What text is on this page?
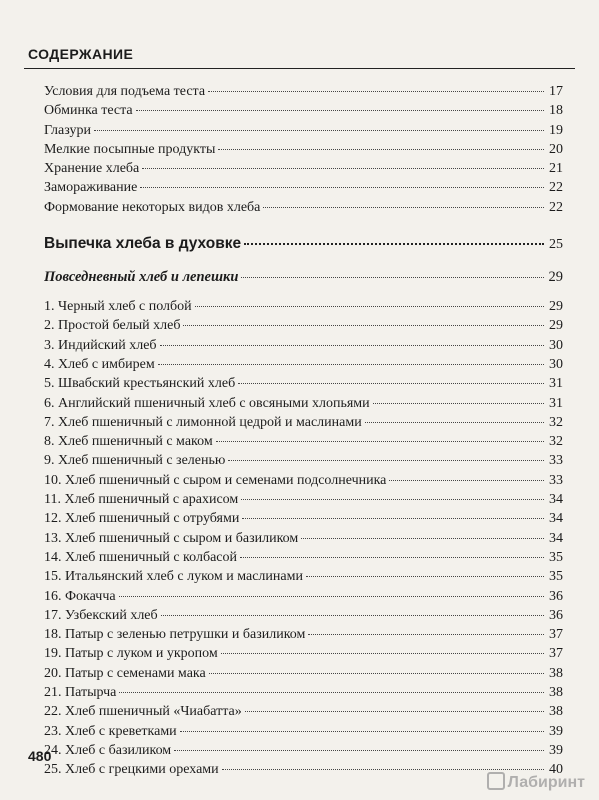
СОДЕРЖАНИЕ
Условия для подъема теста	17
Обминка теста	18
Глазури	19
Мелкие посыпные продукты	20
Хранение хлеба	21
Замораживание	22
Формование некоторых видов хлеба	22
Выпечка хлеба в духовке	25
Повседневный хлеб и лепешки	29
1. Черный хлеб с полбой	29
2. Простой белый хлеб	29
3. Индийский хлеб	30
4. Хлеб с имбирем	30
5. Швабский крестьянский хлеб	31
6. Английский пшеничный хлеб с овсяными хлопьями	31
7. Хлеб пшеничный с лимонной цедрой и маслинами	32
8. Хлеб пшеничный с маком	32
9. Хлеб пшеничный с зеленью	33
10. Хлеб пшеничный с сыром и семенами подсолнечника	33
11. Хлеб пшеничный с арахисом	34
12. Хлеб пшеничный с отрубями	34
13. Хлеб пшеничный с сыром и базиликом	34
14. Хлеб пшеничный с колбасой	35
15. Итальянский хлеб с луком и маслинами	35
16. Фокачча	36
17. Узбекский хлеб	36
18. Патыр с зеленью петрушки и базиликом	37
19. Патыр с луком и укропом	37
20. Патыр с семенами мака	38
21. Патырча	38
22. Хлеб пшеничный «Чиабатта»	38
23. Хлеб с креветками	39
24. Хлеб с базиликом	39
25. Хлеб с грецкими орехами	40
480
Лабиринт
